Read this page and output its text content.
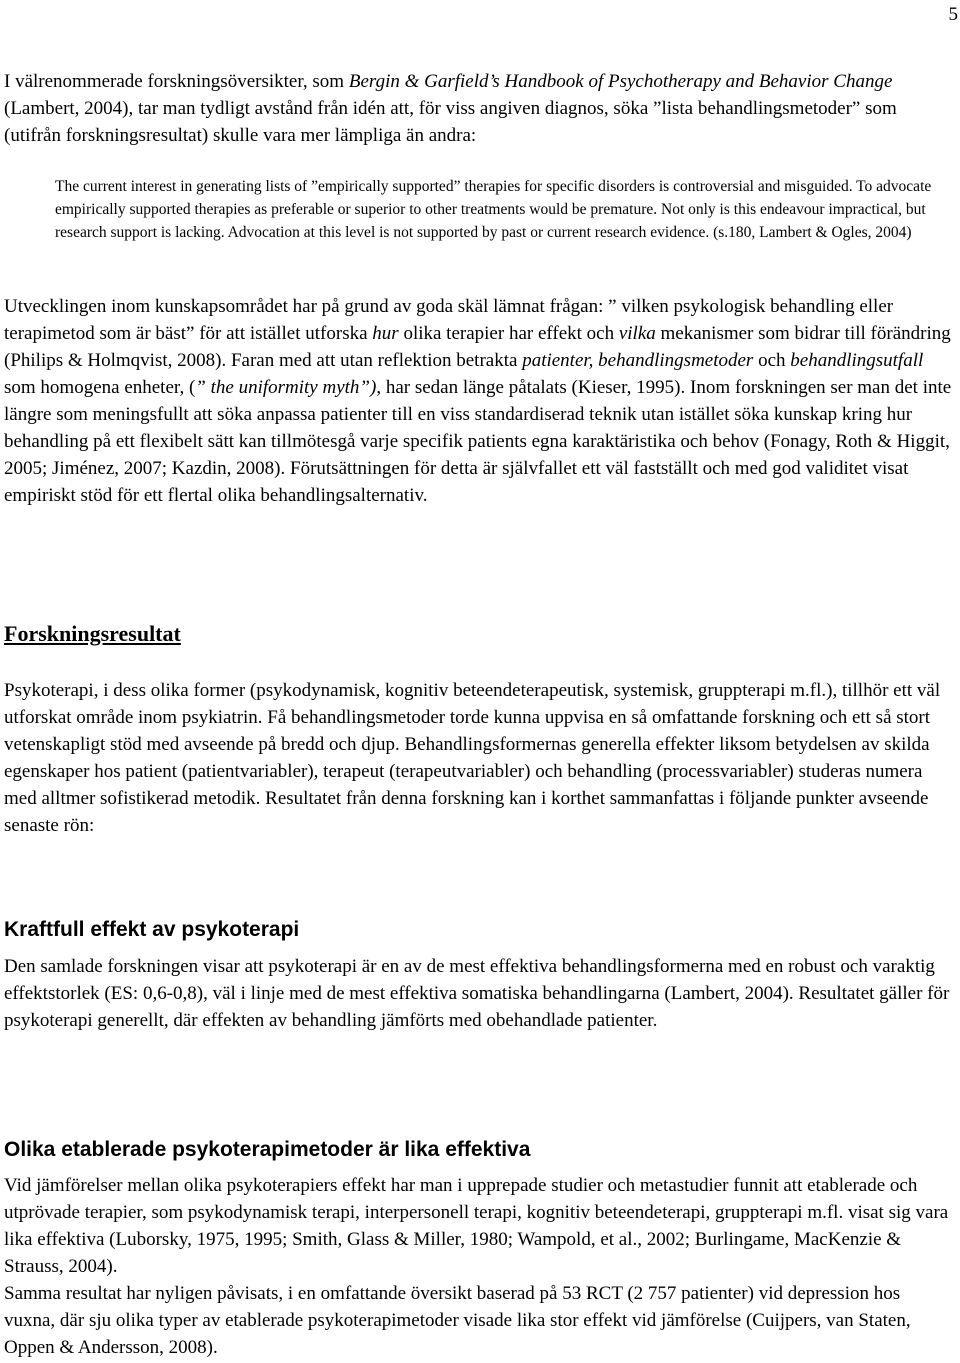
5

I välrenommerade forskningsöversikter, som Bergin & Garfield’s Handbook of Psychotherapy and Behavior Change (Lambert, 2004), tar man tydligt avstånd från idén att, för viss angiven diagnos, söka ”lista behandlingsmetoder” som (utifrån forskningsresultat) skulle vara mer lämpliga än andra:

The current interest in generating lists of ”empirically supported” therapies for specific disorders is controversial and misguided. To advocate empirically supported therapies as preferable or superior to other treatments would be premature. Not only is this endeavour impractical, but research support is lacking. Advocation at this level is not supported by past or current research evidence. (s.180, Lambert & Ogles, 2004)

Utvecklingen inom kunskapsområdet har på grund av goda skäl lämnat frågan: ” vilken psykologisk behandling eller terapimetod som är bäst” för att istället utforska hur olika terapier har effekt och vilka mekanismer som bidrar till förändring (Philips & Holmqvist, 2008). Faran med att utan reflektion betrakta patienter, behandlingsmetoder och behandlingsutfall som homogena enheter, (” the uniformity myth”), har sedan länge påtalats (Kieser, 1995). Inom forskningen ser man det inte längre som meningsfullt att söka anpassa patienter till en viss standardiserad teknik utan istället söka kunskap kring hur behandling på ett flexibelt sätt kan tillmötesgå varje specifik patients egna karaktäristika och behov (Fonagy, Roth & Higgit, 2005; Jiménez, 2007; Kazdin, 2008). Förutsättningen för detta är självfallet ett väl fastställt och med god validitet visat empiriskt stöd för ett flertal olika behandlingsalternativ.

Forskningsresultat

Psykoterapi, i dess olika former (psykodynamisk, kognitiv beteendeterapeutisk, systemisk, gruppterapi m.fl.), tillhör ett väl utforskat område inom psykiatrin. Få behandlingsmetoder torde kunna uppvisa en så omfattande forskning och ett så stort vetenskapligt stöd med avseende på bredd och djup. Behandlingsformernas generella effekter liksom betydelsen av skilda egenskaper hos patient (patientvariabler), terapeut (terapeutvariabler) och behandling (processvariabler) studeras numera med alltmer sofistikerad metodik. Resultatet från denna forskning kan i korthet sammanfattas i följande punkter avseende senaste rön:

Kraftfull effekt av psykoterapi

Den samlade forskningen visar att psykoterapi är en av de mest effektiva behandlingsformerna med en robust och varaktig effektstorlek (ES: 0,6-0,8), väl i linje med de mest effektiva somatiska behandlingarna (Lambert, 2004). Resultatet gäller för psykoterapi generellt, där effekten av behandling jämförts med obehandlade patienter.

Olika etablerade psykoterapimetoder är lika effektiva

Vid jämförelser mellan olika psykoterapiers effekt har man i upprepade studier och metastudier funnit att etablerade och utprövade terapier, som psykodynamisk terapi, interpersonell terapi, kognitiv beteendeterapi, gruppterapi m.fl. visat sig vara lika effektiva (Luborsky, 1975, 1995; Smith, Glass & Miller, 1980; Wampold, et al., 2002; Burlingame, MacKenzie & Strauss, 2004).

Samma resultat har nyligen påvisats, i en omfattande översikt baserad på 53 RCT (2 757 patienter) vid depression hos vuxna, där sju olika typer av etablerade psykoterapimetoder visade lika stor effekt vid jämförelse (Cuijpers, van Staten, Oppen & Andersson, 2008).
